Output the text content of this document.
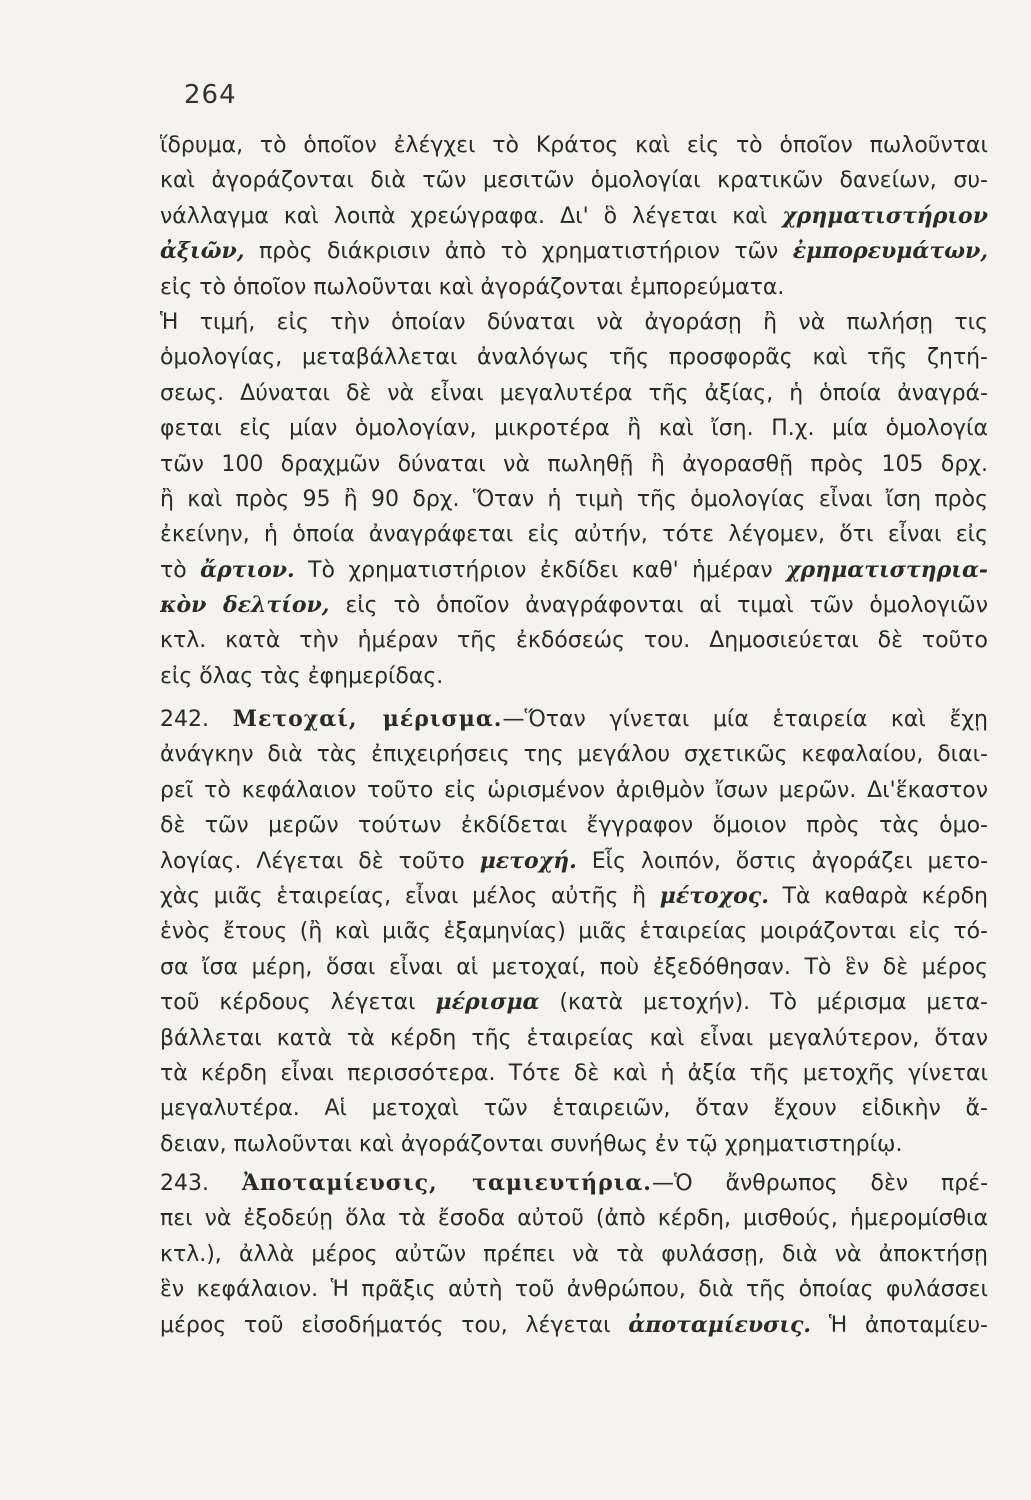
264
ἵδρυμα, τὸ ὁποῖον ἐλέγχει τὸ Κράτος καὶ εἰς τὸ ὁποῖον πωλοῦνται
καὶ ἀγοράζονται διὰ τῶν μεσιτῶν ὁμολογίαι κρατικῶν δανείων, συ-
νάλλαγμα καὶ λοιπὰ χρεώγραφα. Δι' ὃ λέγεται καὶ χρηματιστήριον
ἀξιῶν, πρὸς διάκρισιν ἀπὸ τὸ χρηματιστήριον τῶν ἐμπορευμάτων,
εἰς τὸ ὁποῖον πωλοῦνται καὶ ἀγοράζονται ἐμπορεύματα.
Ἡ τιμή, εἰς τὴν ὁποίαν δύναται νὰ ἀγοράσῃ ἢ νὰ πωλήσῃ τις
ὁμολογίας, μεταβάλλεται ἀναλόγως τῆς προσφορᾶς καὶ τῆς ζητή-
σεως. Δύναται δὲ νὰ εἶναι μεγαλυτέρα τῆς ἀξίας, ἡ ὁποία ἀναγρά-
φεται εἰς μίαν ὁμολογίαν, μικροτέρα ἢ καὶ ἴση. Π.χ. μία ὁμολογία
τῶν 100 δραχμῶν δύναται νὰ πωληθῇ ἢ ἀγορασθῇ πρὸς 105 δρχ.
ἢ καὶ πρὸς 95 ἢ 90 δρχ. Ὅταν ἡ τιμὴ τῆς ὁμολογίας εἶναι ἴση πρὸς
ἐκείνην, ἡ ὁποία ἀναγράφεται εἰς αὐτήν, τότε λέγομεν, ὅτι εἶναι εἰς
τὸ ἄρτιον. Τὸ χρηματιστήριον ἐκδίδει καθ' ἡμέραν χρηματιστηρια-
κὸν δελτίον, εἰς τὸ ὁποῖον ἀναγράφονται αἱ τιμαὶ τῶν ὁμολογιῶν
κτλ. κατὰ τὴν ἡμέραν τῆς ἐκδόσεώς του. Δημοσιεύεται δὲ τοῦτο
εἰς ὅλας τὰς ἐφημερίδας.
242. Μετοχαί, μέρισμα.—Ὅταν γίνεται μία ἑταιρεία καὶ ἔχῃ
ἀνάγκην διὰ τὰς ἐπιχειρήσεις της μεγάλου σχετικῶς κεφαλαίου, διαι-
ρεῖ τὸ κεφάλαιον τοῦτο εἰς ὡρισμένον ἀριθμὸν ἴσων μερῶν. Δι'ἕκαστον
δὲ τῶν μερῶν τούτων ἐκδίδεται ἔγγραφον ὅμοιον πρὸς τὰς ὁμο-
λογίας. Λέγεται δὲ τοῦτο μετοχή. Εἷς λοιπόν, ὅστις ἀγοράζει μετο-
χὰς μιᾶς ἑταιρείας, εἶναι μέλος αὐτῆς ἢ μέτοχος. Τὰ καθαρὰ κέρδη
ἑνὸς ἔτους (ἢ καὶ μιᾶς ἑξαμηνίας) μιᾶς ἑταιρείας μοιράζονται εἰς τό-
σα ἴσα μέρη, ὅσαι εἶναι αἱ μετοχαί, ποὺ ἐξεδόθησαν. Τὸ ἓν δὲ μέρος
τοῦ κέρδους λέγεται μέρισμα (κατὰ μετοχήν). Τὸ μέρισμα μετα-
βάλλεται κατὰ τὰ κέρδη τῆς ἑταιρείας καὶ εἶναι μεγαλύτερον, ὅταν
τὰ κέρδη εἶναι περισσότερα. Τότε δὲ καὶ ἡ ἀξία τῆς μετοχῆς γίνεται
μεγαλυτέρα. Αἱ μετοχαὶ τῶν ἑταιρειῶν, ὅταν ἔχουν εἰδικὴν ἄ-
δειαν, πωλοῦνται καὶ ἀγοράζονται συνήθως ἐν τῷ χρηματιστηρίῳ.
243. Ἀποταμίευσις, ταμιευτήρια.—Ὁ ἄνθρωπος δὲν πρέ-
πει νὰ ἐξοδεύῃ ὅλα τὰ ἔσοδα αὐτοῦ (ἀπὸ κέρδη, μισθούς, ἡμερομίσθια
κτλ.), ἀλλὰ μέρος αὐτῶν πρέπει νὰ τὰ φυλάσσῃ, διὰ νὰ ἀποκτήσῃ
ἓν κεφάλαιον. Ἡ πρᾶξις αὐτὴ τοῦ ἀνθρώπου, διὰ τῆς ὁποίας φυλάσσει
μέρος τοῦ εἰσοδήματός του, λέγεται ἀποταμίευσις. Ἡ ἀποταμίευ-
